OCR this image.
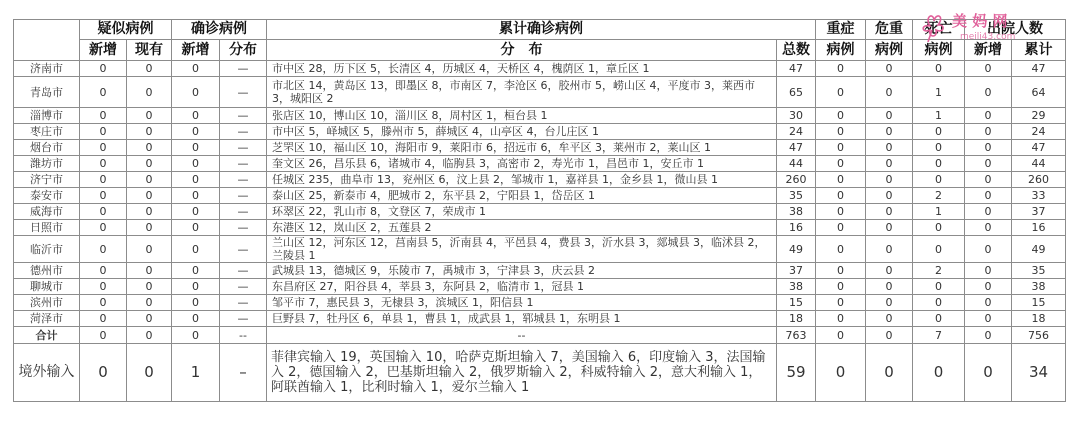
	疑似病例		确诊病例		累计确诊病例		重症	危重	死亡	出院人数	
	新增	现有	新增	分布	分　布	总数	病例	病例	病例	新增	累计
济南市	0	0	0	—	市中区 28，历下区 5，长清区 4，历城区 4，天桥区 4，槐荫区 1，章丘区 1	47	0	0	0	0	47
青岛市	0	0	0	—	市北区 14，黄岛区 13，即墨区 8，市南区 7，李沧区 6，胶州市 5，崂山区 4，平度市 3，莱西市 3，城阳区 2	65	0	0	1	0	64
淄博市	0	0	0	—	张店区 10，博山区 10，淄川区 8，周村区 1，桓台县 1	30	0	0	1	0	29
枣庄市	0	0	0	—	市中区 5，峄城区 5，滕州市 5，薛城区 4，山亭区 4，台儿庄区 1	24	0	0	0	0	24
烟台市	0	0	0	—	芝罘区 10，福山区 10，海阳市 9，莱阳市 6，招远市 6，牟平区 3，莱州市 2，莱山区 1	47	0	0	0	0	47
潍坊市	0	0	0	—	奎文区 26，昌乐县 6，诸城市 4，临朐县 3，高密市 2，寿光市 1，昌邑市 1，安丘市 1	44	0	0	0	0	44
济宁市	0	0	0	—	任城区 235，曲阜市 13，兖州区 6，汶上县 2，邹城市 1，嘉祥县 1，金乡县 1，微山县 1	260	0	0	0	0	260
泰安市	0	0	0	—	泰山区 25，新泰市 4，肥城市 2，东平县 2，宁阳县 1，岱岳区 1	35	0	0	2	0	33
威海市	0	0	0	—	环翠区 22，乳山市 8，文登区 7，荣成市 1	38	0	0	1	0	37
日照市	0	0	0	—	东港区 12，岚山区 2，五莲县 2	16	0	0	0	0	16
临沂市	0	0	0	—	兰山区 12，河东区 12，莒南县 5，沂南县 4，平邑县 4，费县 3，沂水县 3，郯城县 3，临沭县 2，兰陵县 1	49	0	0	0	0	49
德州市	0	0	0	—	武城县 13，德城区 9，乐陵市 7，禹城市 3，宁津县 3，庆云县 2	37	0	0	2	0	35
聊城市	0	0	0	—	东昌府区 27，阳谷县 4，莘县 3，东阿县 2，临清市 1，冠县 1	38	0	0	0	0	38
滨州市	0	0	0	—	邹平市 7，惠民县 3，无棣县 3，滨城区 1，阳信县 1	15	0	0	0	0	15
菏泽市	0	0	0	—	巨野县 7，牡丹区 6，单县 1，曹县 1，成武县 1，郓城县 1，东明县 1	18	0	0	0	0	18
合计	0	0	0	--	--	763	0	0	7	0	756
境外输入	0	0	1	–	菲律宾输入 19，英国输入 10，哈萨克斯坦输入 7，美国输入 6，印度输入 3，法国输入 2，德国输入 2，巴基斯坦输入 2，俄罗斯输入 2，科威特输入 2，意大利输入 1，阿联酋输入 1，比利时输入 1，爱尔兰输入 1	59	0	0	0	0	34
美 妈 网
meili43.com
